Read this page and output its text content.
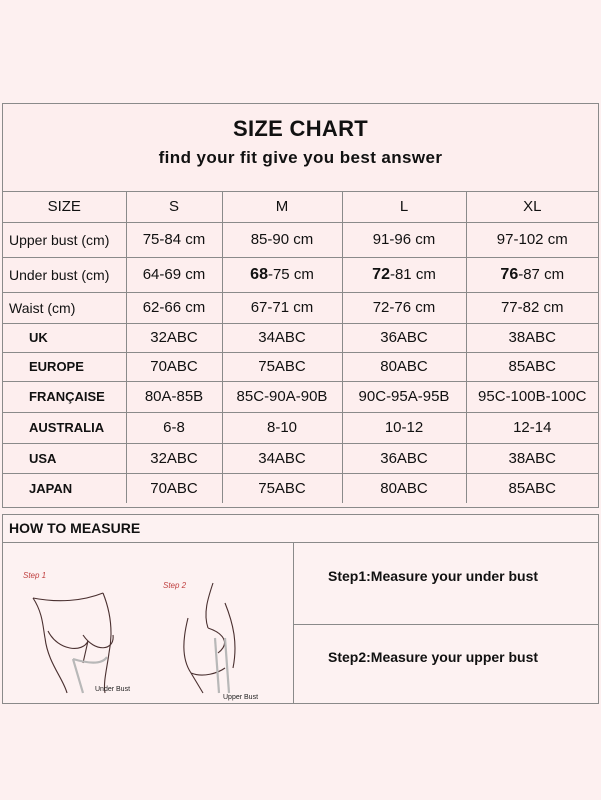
SIZE CHART
find your fit give you best answer
SIZE	S	M	L	XL
Upper bust (cm)	75-84 cm	85-90 cm	91-96 cm	97-102 cm
Under bust (cm)	64-69 cm	68-75 cm	72-81 cm	76-87 cm
Waist (cm)	62-66 cm	67-71 cm	72-76 cm	77-82 cm
UK	32ABC	34ABC	36ABC	38ABC
EUROPE	70ABC	75ABC	80ABC	85ABC
FRANÇAISE	80A-85B	85C-90A-90B	90C-95A-95B	95C-100B-100C
AUSTRALIA	6-8	8-10	10-12	12-14
USA	32ABC	34ABC	36ABC	38ABC
JAPAN	70ABC	75ABC	80ABC	85ABC
HOW TO MEASURE
Step 1
Step 2
Under Bust
Upper Bust
Step1:Measure your under bust
Step2:Measure your upper bust
